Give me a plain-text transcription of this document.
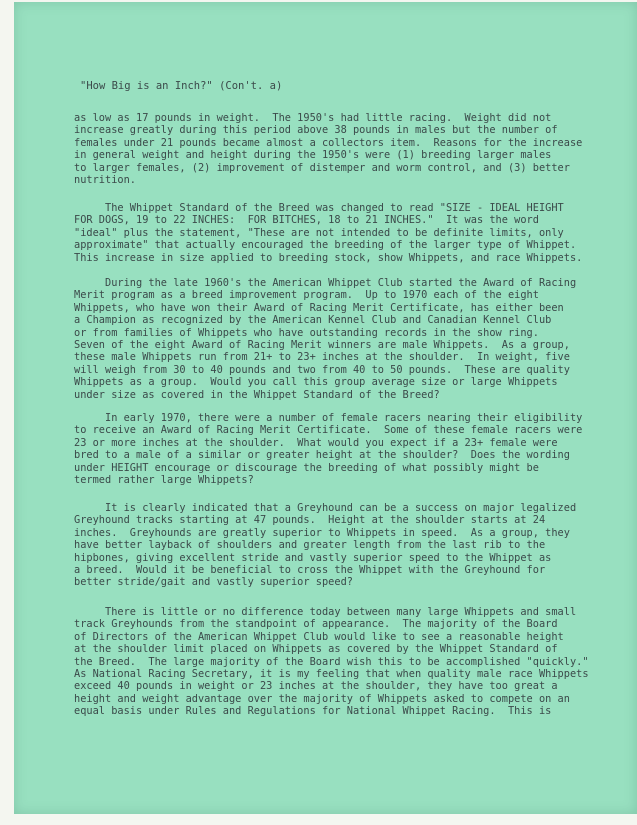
"How Big is an Inch?" (Con't. a)
as low as 17 pounds in weight.  The 1950's had little racing.  Weight did not
increase greatly during this period above 38 pounds in males but the number of
females under 21 pounds became almost a collectors item.  Reasons for the increase
in general weight and height during the 1950's were (1) breeding larger males
to larger females, (2) improvement of distemper and worm control, and (3) better
nutrition.
The Whippet Standard of the Breed was changed to read "SIZE - IDEAL HEIGHT
FOR DOGS, 19 to 22 INCHES:  FOR BITCHES, 18 to 21 INCHES."  It was the word
"ideal" plus the statement, "These are not intended to be definite limits, only
approximate" that actually encouraged the breeding of the larger type of Whippet.
This increase in size applied to breeding stock, show Whippets, and race Whippets.
During the late 1960's the American Whippet Club started the Award of Racing
Merit program as a breed improvement program.  Up to 1970 each of the eight
Whippets, who have won their Award of Racing Merit Certificate, has either been
a Champion as recognized by the American Kennel Club and Canadian Kennel Club
or from families of Whippets who have outstanding records in the show ring.
Seven of the eight Award of Racing Merit winners are male Whippets.  As a group,
these male Whippets run from 21+ to 23+ inches at the shoulder.  In weight, five
will weigh from 30 to 40 pounds and two from 40 to 50 pounds.  These are quality
Whippets as a group.  Would you call this group average size or large Whippets
under size as covered in the Whippet Standard of the Breed?
In early 1970, there were a number of female racers nearing their eligibility
to receive an Award of Racing Merit Certificate.  Some of these female racers were
23 or more inches at the shoulder.  What would you expect if a 23+ female were
bred to a male of a similar or greater height at the shoulder?  Does the wording
under HEIGHT encourage or discourage the breeding of what possibly might be
termed rather large Whippets?
It is clearly indicated that a Greyhound can be a success on major legalized
Greyhound tracks starting at 47 pounds.  Height at the shoulder starts at 24
inches.  Greyhounds are greatly superior to Whippets in speed.  As a group, they
have better layback of shoulders and greater length from the last rib to the
hipbones, giving excellent stride and vastly superior speed to the Whippet as
a breed.  Would it be beneficial to cross the Whippet with the Greyhound for
better stride/gait and vastly superior speed?
There is little or no difference today between many large Whippets and small
track Greyhounds from the standpoint of appearance.  The majority of the Board
of Directors of the American Whippet Club would like to see a reasonable height
at the shoulder limit placed on Whippets as covered by the Whippet Standard of
the Breed.  The large majority of the Board wish this to be accomplished "quickly."
As National Racing Secretary, it is my feeling that when quality male race Whippets
exceed 40 pounds in weight or 23 inches at the shoulder, they have too great a
height and weight advantage over the majority of Whippets asked to compete on an
equal basis under Rules and Regulations for National Whippet Racing.  This is
